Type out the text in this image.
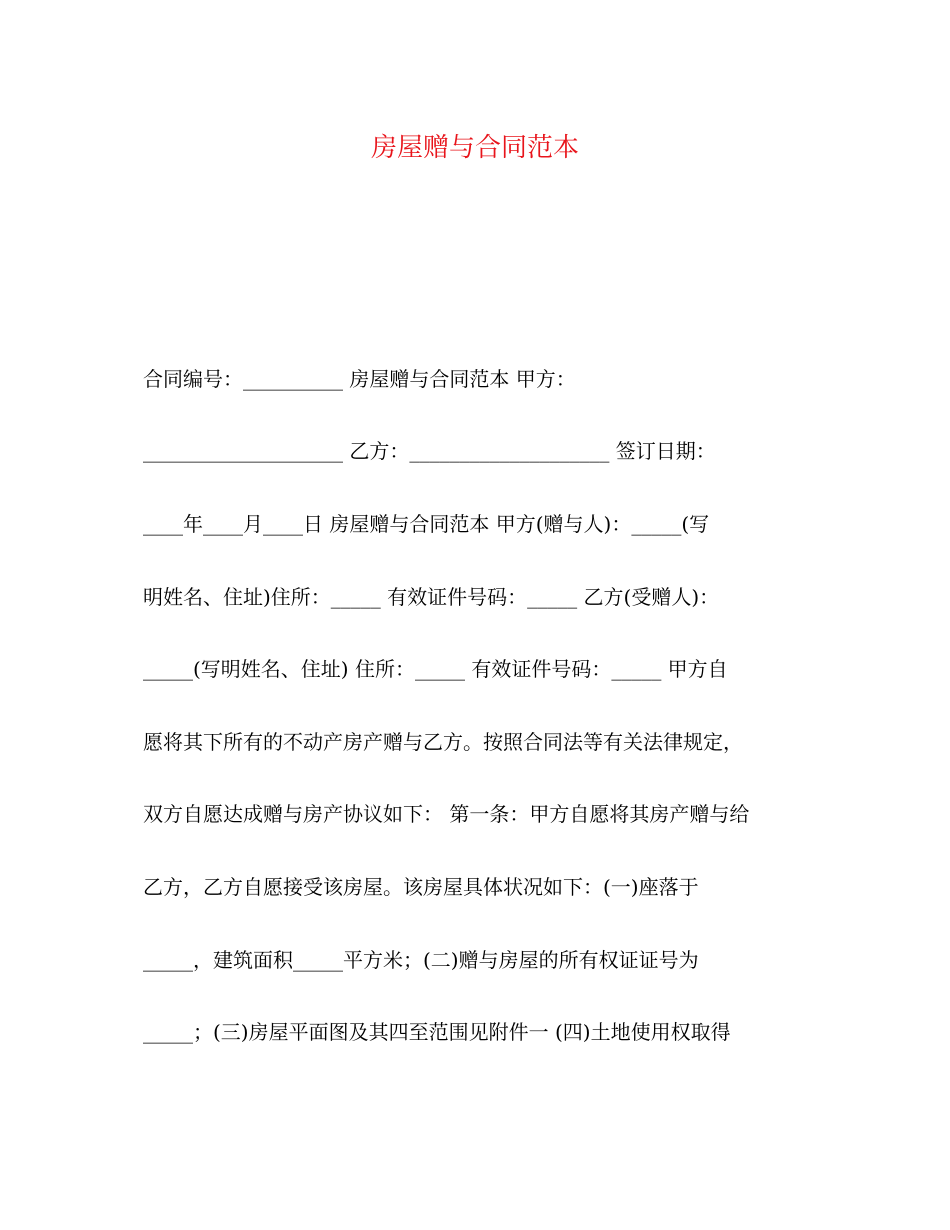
房屋赠与合同范本
合同编号：__________ 房屋赠与合同范本 甲方：
____________________ 乙方：____________________ 签订日期：
____年____月____日 房屋赠与合同范本 甲方(赠与人)：_____(写
明姓名、住址)住所：_____ 有效证件号码：_____ 乙方(受赠人)：
_____(写明姓名、住址) 住所：_____ 有效证件号码：_____ 甲方自
愿将其下所有的不动产房产赠与乙方。按照合同法等有关法律规定，
双方自愿达成赠与房产协议如下： 第一条：甲方自愿将其房产赠与给
乙方，乙方自愿接受该房屋。该房屋具体状况如下：(一)座落于
_____，建筑面积_____平方米；(二)赠与房屋的所有权证证号为
_____；(三)房屋平面图及其四至范围见附件一 (四)土地使用权取得
